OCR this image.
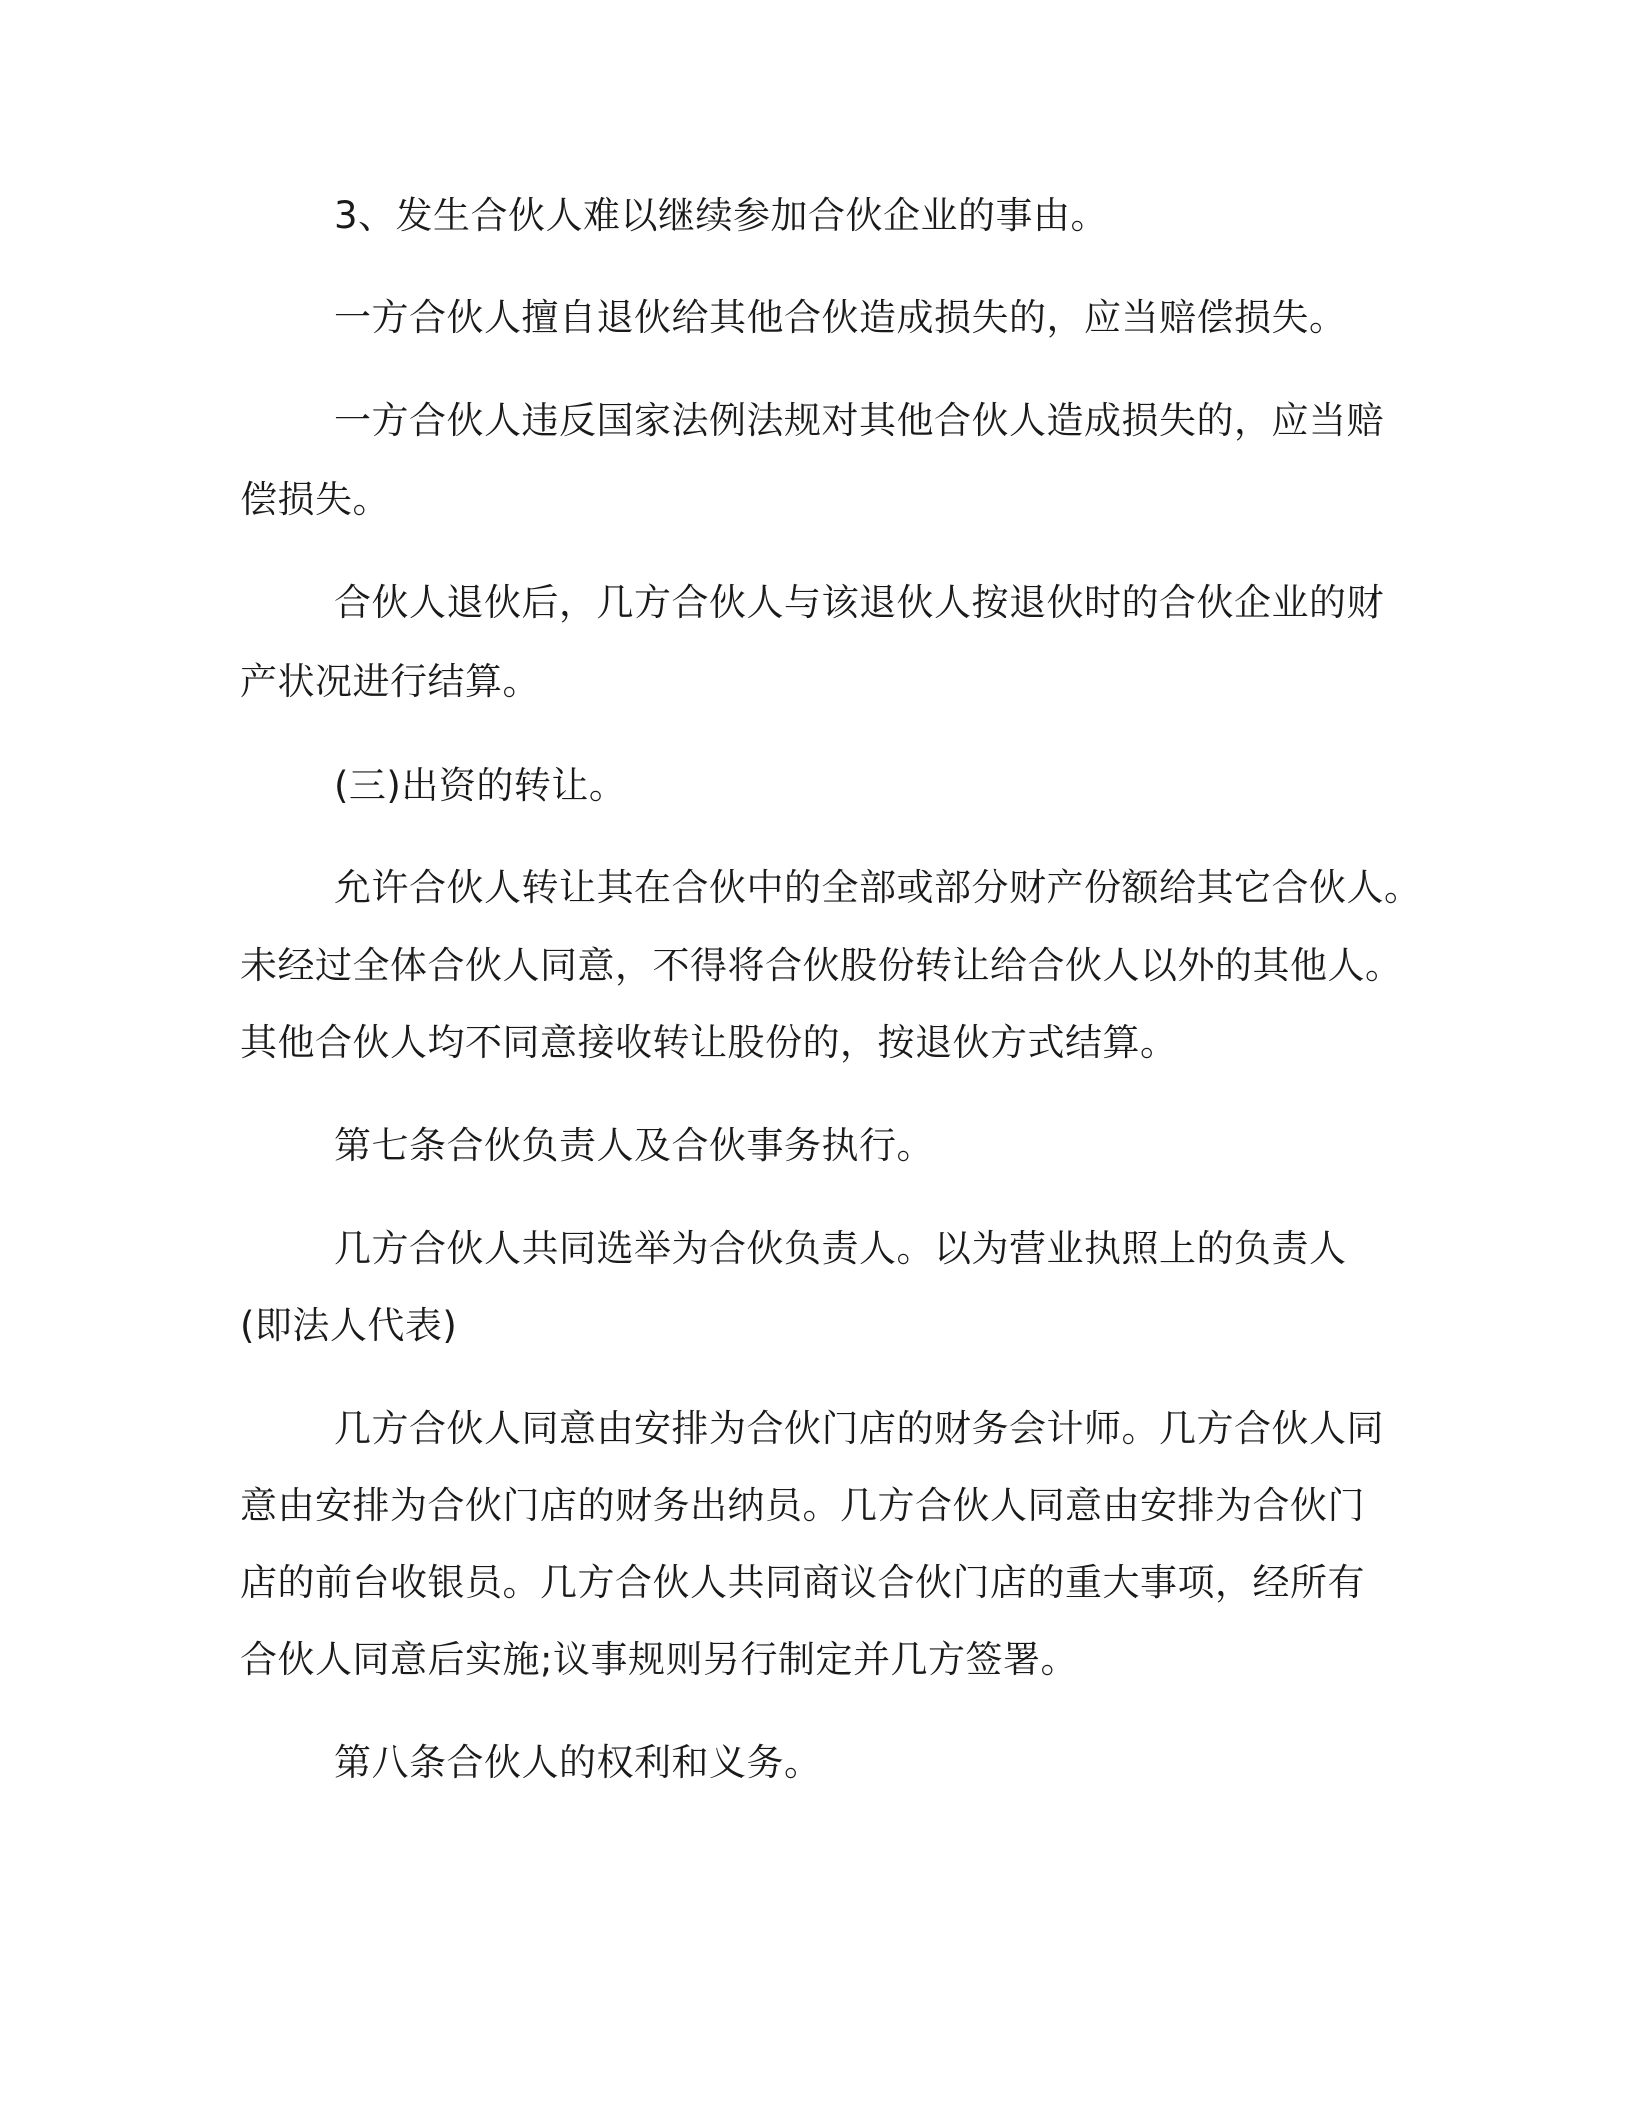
3、发生合伙人难以继续参加合伙企业的事由。

一方合伙人擅自退伙给其他合伙造成损失的，应当赔偿损失。

一方合伙人违反国家法例法规对其他合伙人造成损失的，应当赔

偿损失。

合伙人退伙后，几方合伙人与该退伙人按退伙时的合伙企业的财

产状况进行结算。

(三)出资的转让。

允许合伙人转让其在合伙中的全部或部分财产份额给其它合伙人。

未经过全体合伙人同意，不得将合伙股份转让给合伙人以外的其他人。

其他合伙人均不同意接收转让股份的，按退伙方式结算。

第七条合伙负责人及合伙事务执行。

几方合伙人共同选举为合伙负责人。以为营业执照上的负责人

(即法人代表)

几方合伙人同意由安排为合伙门店的财务会计师。几方合伙人同

意由安排为合伙门店的财务出纳员。几方合伙人同意由安排为合伙门

店的前台收银员。几方合伙人共同商议合伙门店的重大事项，经所有

合伙人同意后实施;议事规则另行制定并几方签署。

第八条合伙人的权利和义务。
